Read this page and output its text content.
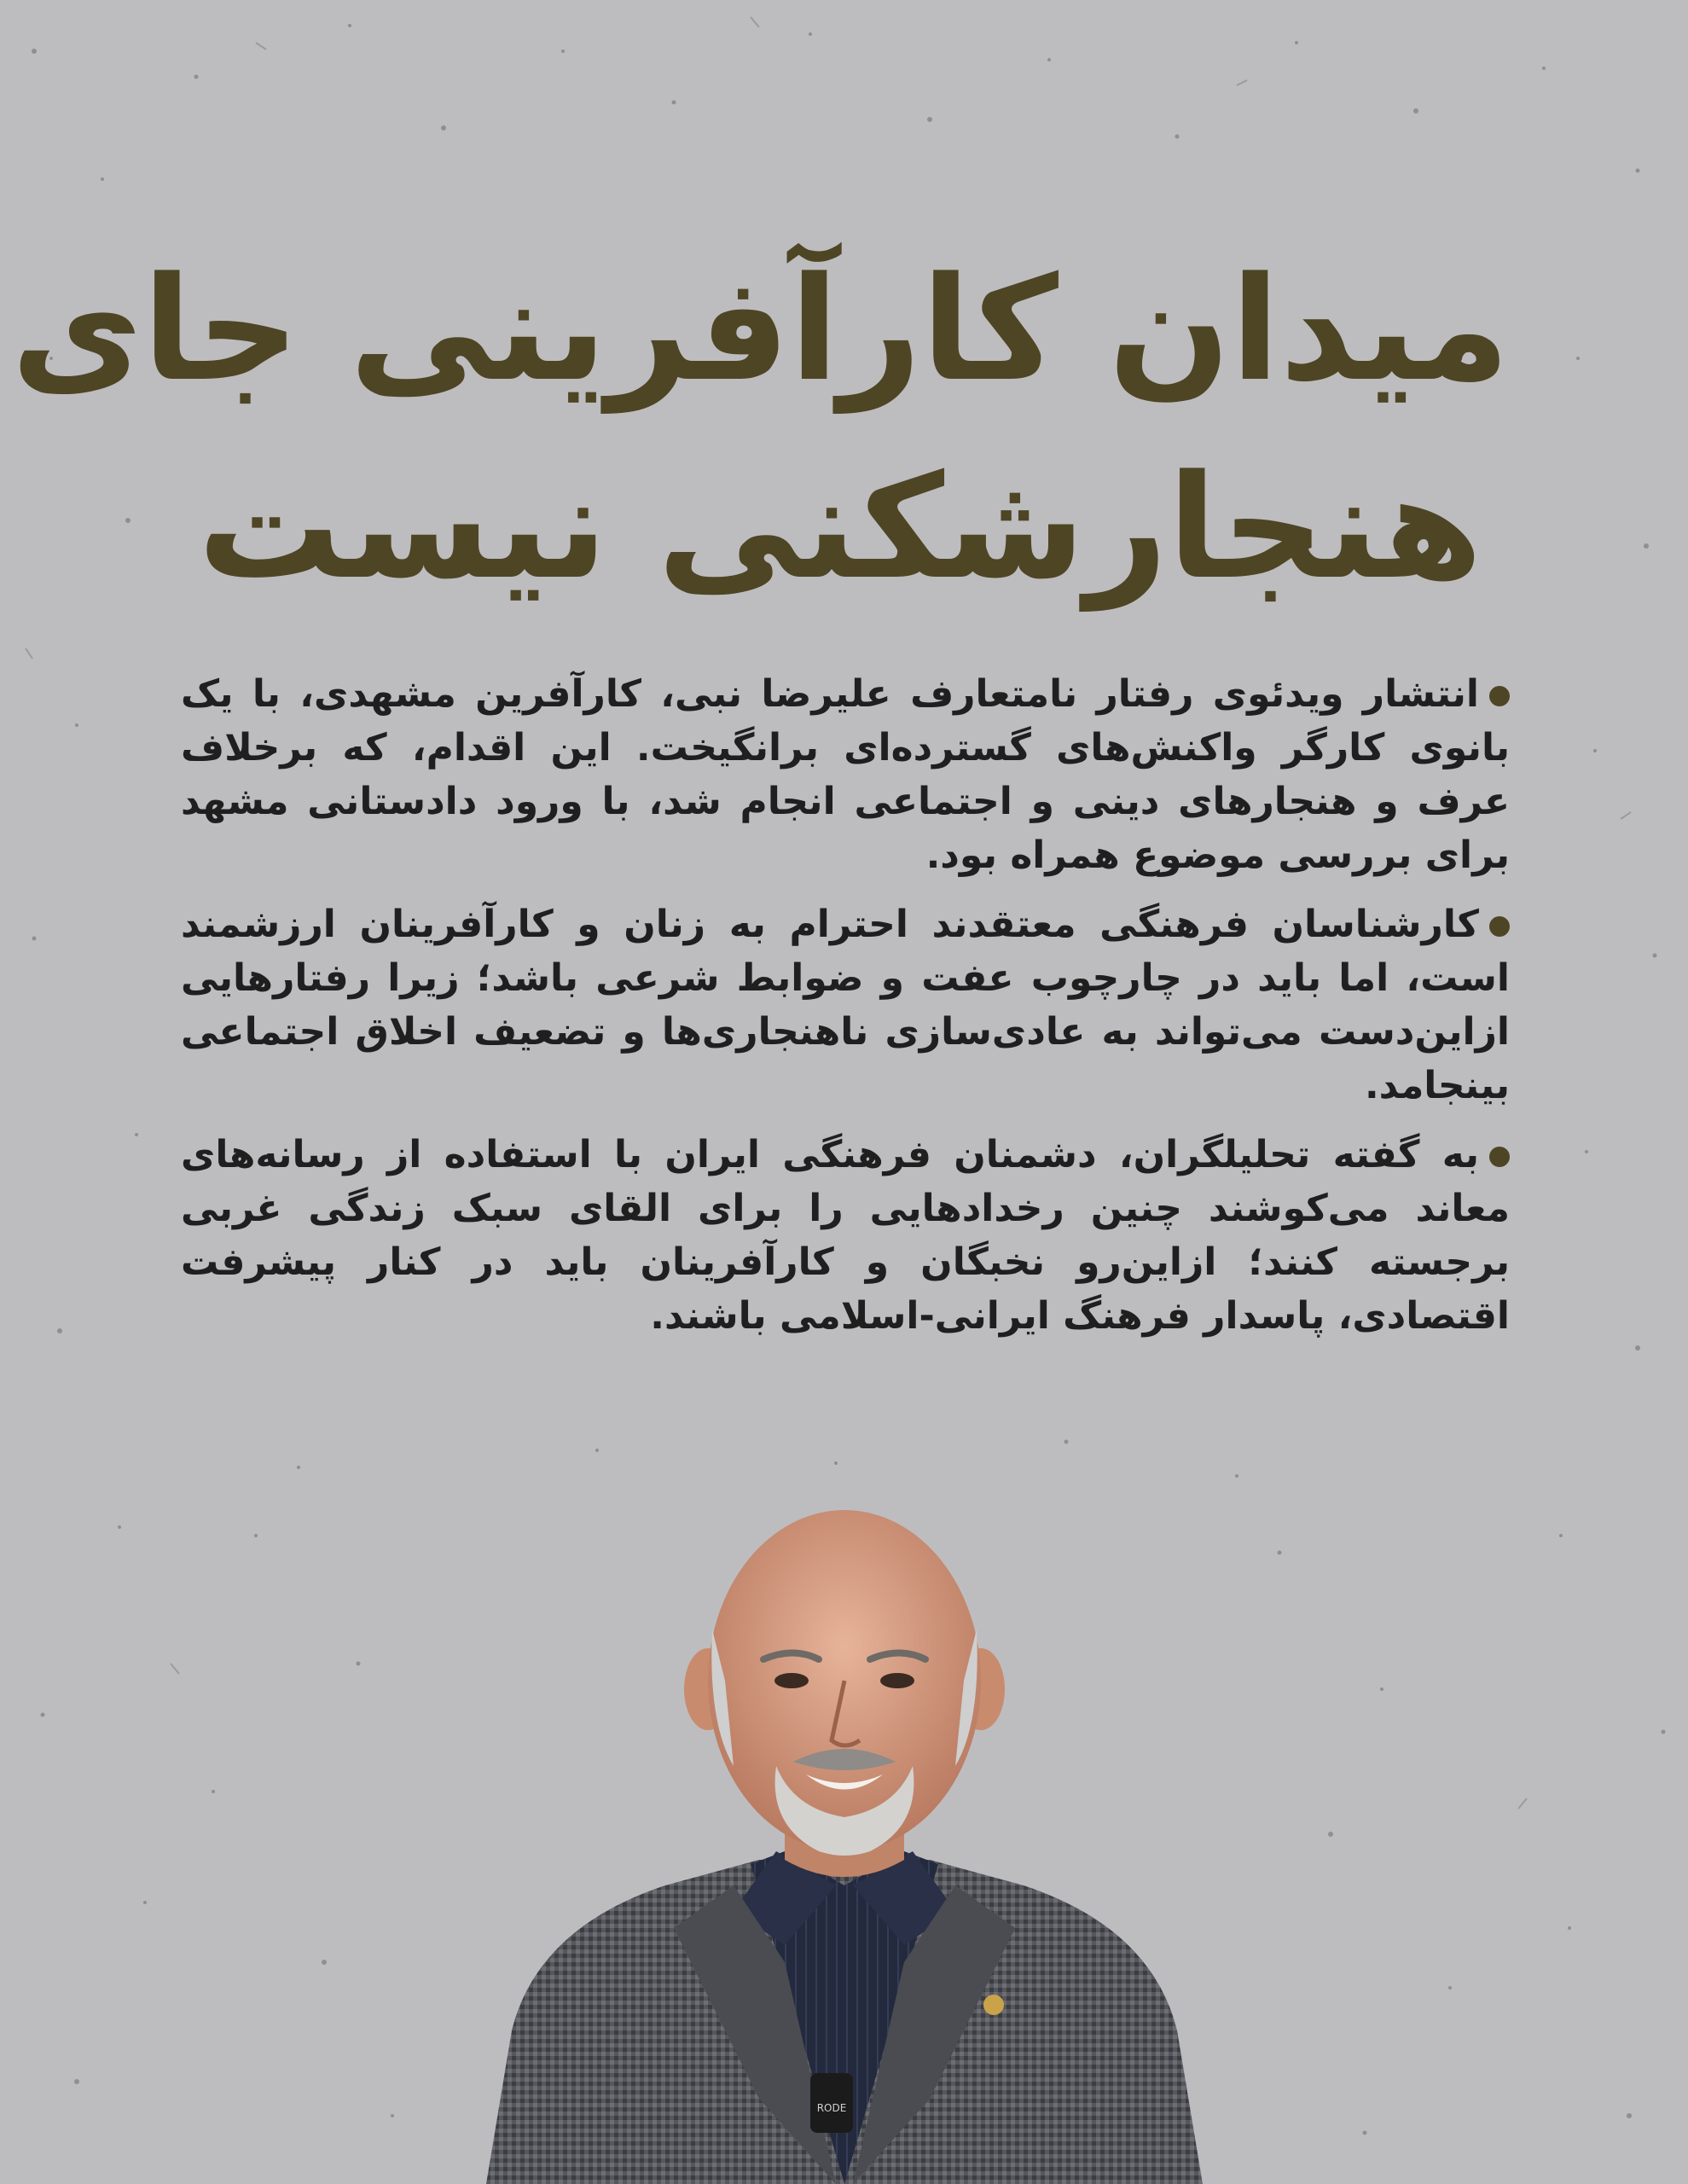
میدان کارآفرینی جای
هنجارشکنی نیست
انتشار ویدئوی رفتار نامتعارف علیرضا نبی، کارآفرین مشهدی، با یک بانوی کارگر واکنش‌های گسترده‌ای برانگیخت. این اقدام، که برخلاف عرف و هنجارهای دینی و اجتماعی انجام شد، با ورود دادستانی مشهد برای بررسی موضوع همراه بود.
کارشناسان فرهنگی معتقدند احترام به زنان و کارآفرینان ارزشمند است، اما باید در چارچوب عفت و ضوابط شرعی باشد؛ زیرا رفتارهایی ازاین‌دست می‌تواند به عادی‌سازی ناهنجاری‌ها و تضعیف اخلاق اجتماعی بینجامد.
به گفته تحلیلگران، دشمنان فرهنگی ایران با استفاده از رسانه‌های معاند می‌کوشند چنین رخدادهایی را برای القای سبک زندگی غربی برجسته کنند؛ ازاین‌رو نخبگان و کارآفرینان باید در کنار پیشرفت اقتصادی، پاسدار فرهنگ ایرانی-اسلامی باشند.
RODE
